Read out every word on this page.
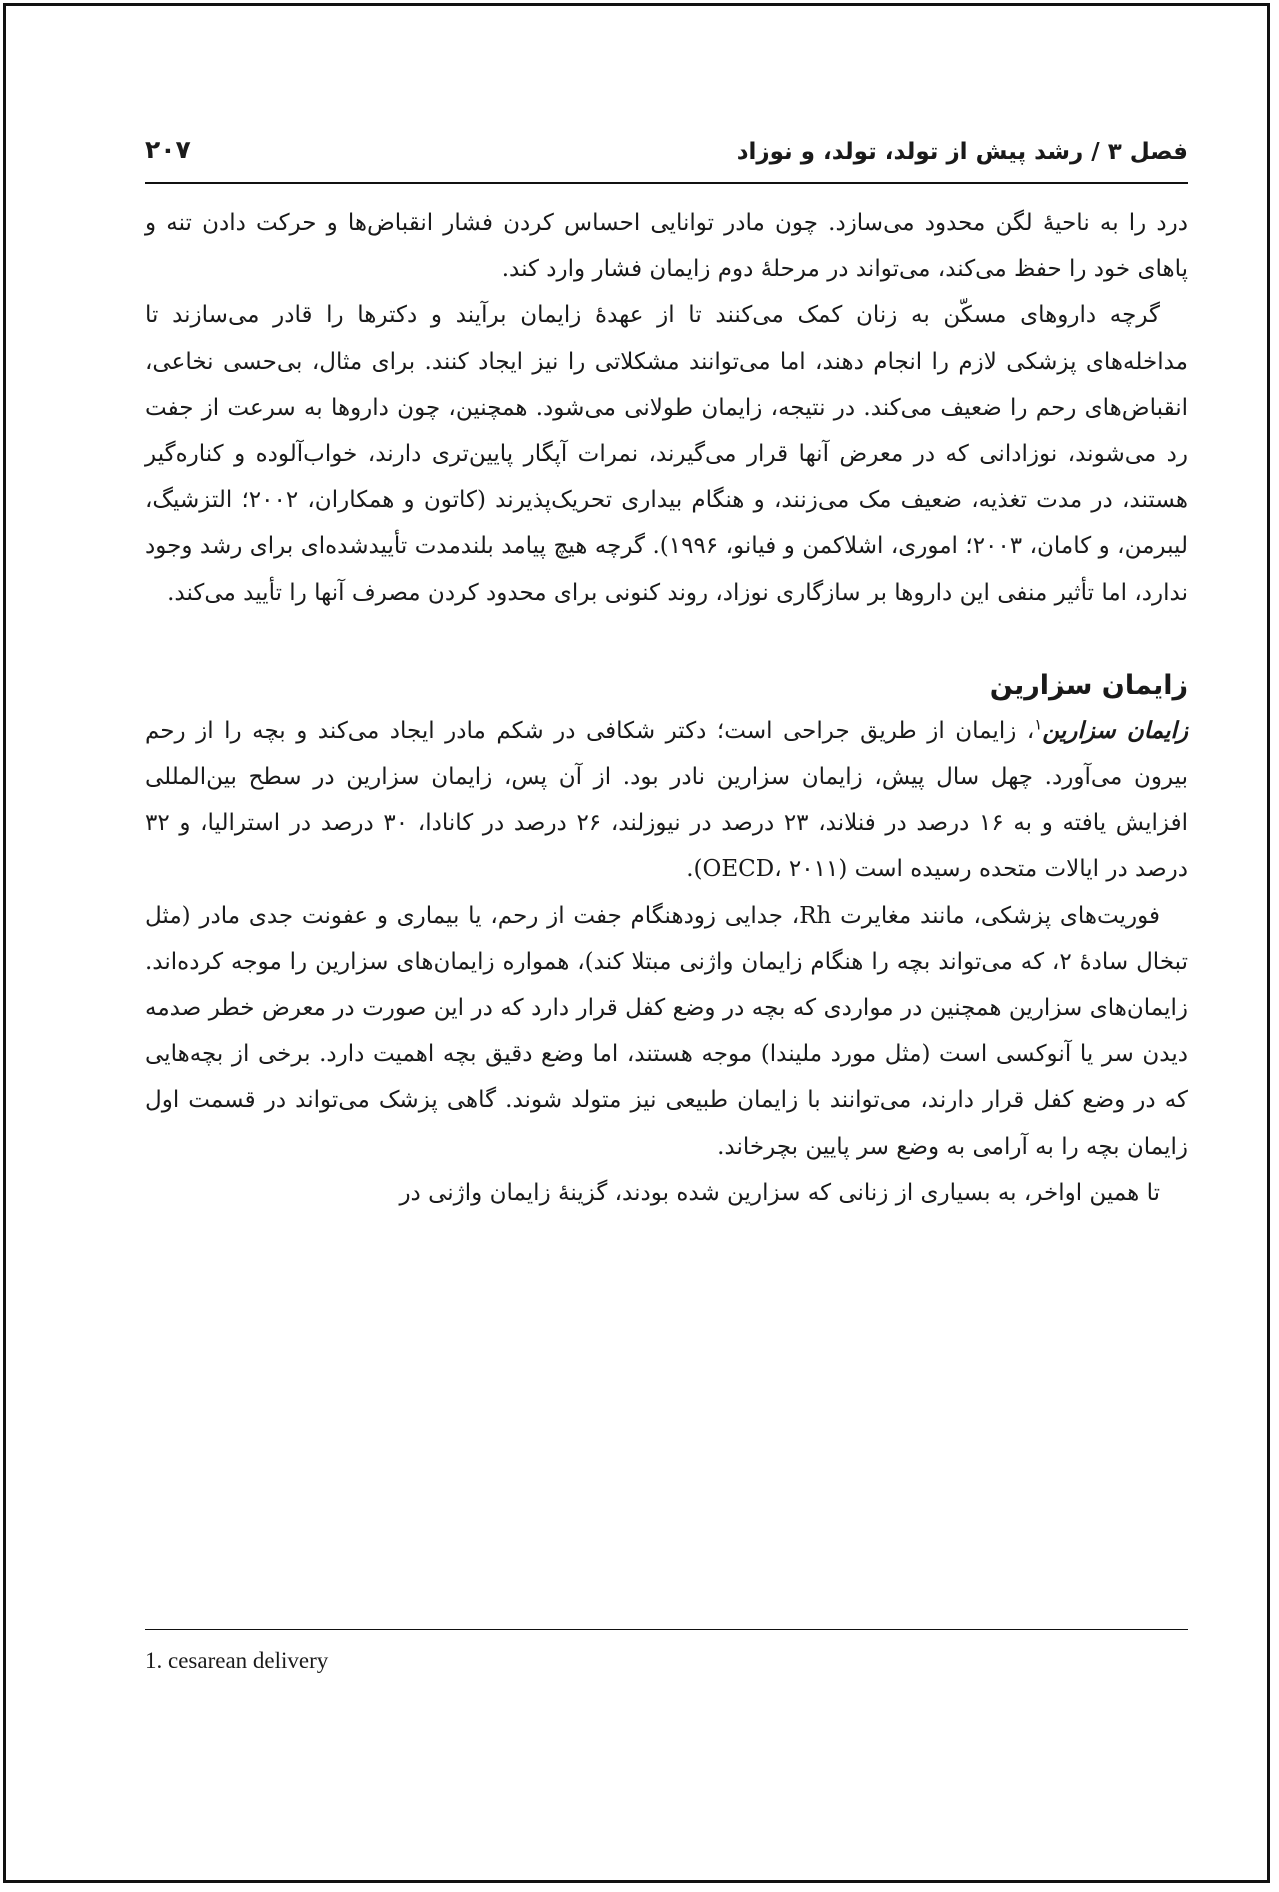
فصل ۳ / رشد پیش از تولد، تولد، و نوزاد
۲۰۷

درد را به ناحیهٔ لگن محدود می‌سازد. چون مادر توانایی احساس کردن فشار انقباض‌ها و حرکت دادن تنه و پاهای خود را حفظ می‌کند، می‌تواند در مرحلهٔ دوم زایمان فشار وارد کند.

گرچه داروهای مسکّن به زنان کمک می‌کنند تا از عهدهٔ زایمان برآیند و دکترها را قادر می‌سازند تا مداخله‌های پزشکی لازم را انجام دهند، اما می‌توانند مشکلاتی را نیز ایجاد کنند. برای مثال، بی‌حسی نخاعی، انقباض‌های رحم را ضعیف می‌کند. در نتیجه، زایمان طولانی می‌شود. همچنین، چون داروها به سرعت از جفت رد می‌شوند، نوزادانی که در معرض آنها قرار می‌گیرند، نمرات آپگار پایین‌تری دارند، خواب‌آلوده و کناره‌گیر هستند، در مدت تغذیه، ضعیف مک می‌زنند، و هنگام بیداری تحریک‌پذیرند (کاتون و همکاران، ۲۰۰۲؛ التزشیگ، لیبرمن، و کامان، ۲۰۰۳؛ اموری، اشلاکمن و فیانو، ۱۹۹۶). گرچه هیچ پیامد بلندمدت تأییدشده‌ای برای رشد وجود ندارد، اما تأثیر منفی این داروها بر سازگاری نوزاد، روند کنونی برای محدود کردن مصرف آنها را تأیید می‌کند.

زایمان سزارین

زایمان سزارین$^۱$، زایمان از طریق جراحی است؛ دکتر شکافی در شکم مادر ایجاد می‌کند و بچه را از رحم بیرون می‌آورد. چهل سال پیش، زایمان سزارین نادر بود. از آن پس، زایمان سزارین در سطح بین‌المللی افزایش یافته و به ۱۶ درصد در فنلاند، ۲۳ درصد در نیوزلند، ۲۶ درصد در کانادا، ۳۰ درصد در استرالیا، و ۳۲ درصد در ایالات متحده رسیده است (OECD، ۲۰۱۱).

فوریت‌های پزشکی، مانند مغایرت Rh، جدایی زودهنگام جفت از رحم، یا بیماری و عفونت جدی مادر (مثل تبخال سادهٔ ۲، که می‌تواند بچه را هنگام زایمان واژنی مبتلا کند)، همواره زایمان‌های سزارین را موجه کرده‌اند. زایمان‌های سزارین همچنین در مواردی که بچه در وضع کفل قرار دارد که در این صورت در معرض خطر صدمه دیدن سر یا آنوکسی است (مثل مورد ملیندا) موجه هستند، اما وضع دقیق بچه اهمیت دارد. برخی از بچه‌هایی که در وضع کفل قرار دارند، می‌توانند با زایمان طبیعی نیز متولد شوند. گاهی پزشک می‌تواند در قسمت اول زایمان بچه را به آرامی به وضع سر پایین بچرخاند.

تا همین اواخر، به بسیاری از زنانی که سزارین شده بودند، گزینهٔ زایمان واژنی در

1. cesarean delivery
